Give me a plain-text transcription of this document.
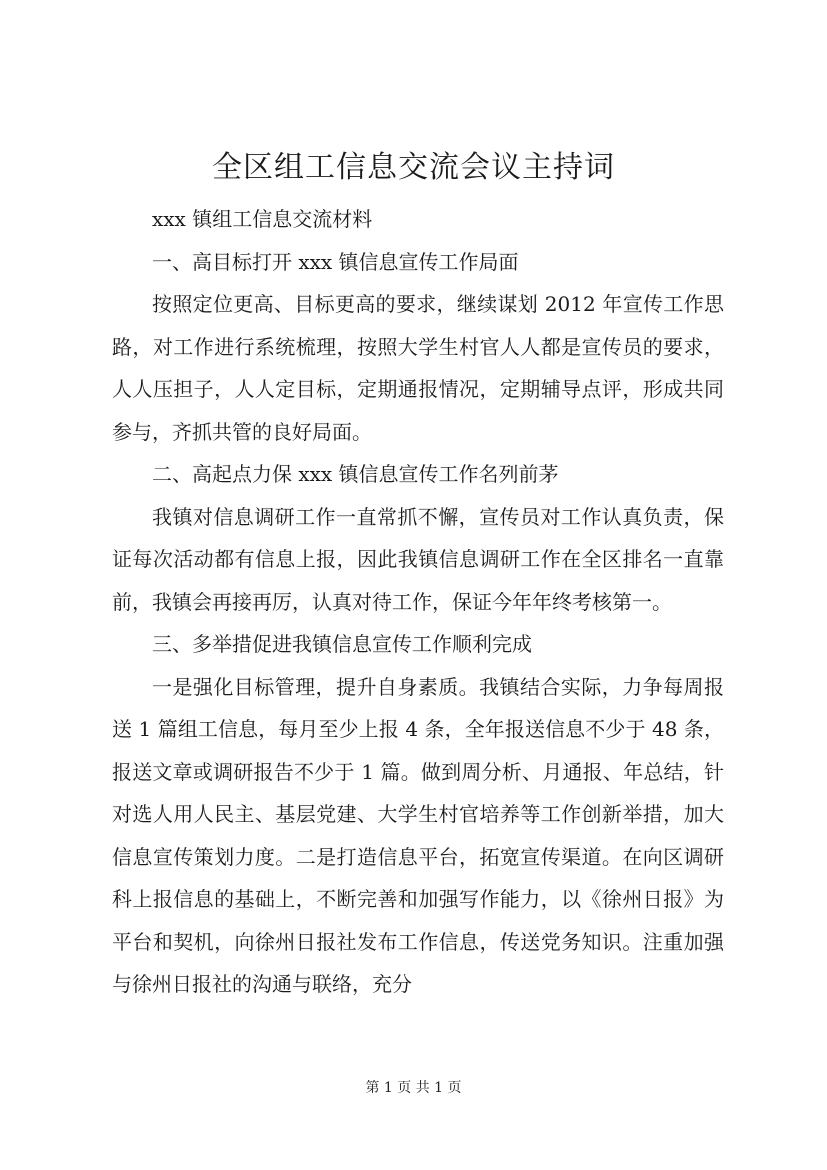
全区组工信息交流会议主持词

xxx 镇组工信息交流材料

一、高目标打开 xxx 镇信息宣传工作局面

按照定位更高、目标更高的要求，继续谋划 2012 年宣传工作思路，对工作进行系统梳理，按照大学生村官人人都是宣传员的要求，人人压担子，人人定目标，定期通报情况，定期辅导点评，形成共同参与，齐抓共管的良好局面。

二、高起点力保 xxx 镇信息宣传工作名列前茅

我镇对信息调研工作一直常抓不懈，宣传员对工作认真负责，保证每次活动都有信息上报，因此我镇信息调研工作在全区排名一直靠前，我镇会再接再厉，认真对待工作，保证今年年终考核第一。

三、多举措促进我镇信息宣传工作顺利完成

一是强化目标管理，提升自身素质。我镇结合实际，力争每周报送 1 篇组工信息，每月至少上报 4 条，全年报送信息不少于 48 条，报送文章或调研报告不少于 1 篇。做到周分析、月通报、年总结，针对选人用人民主、基层党建、大学生村官培养等工作创新举措，加大信息宣传策划力度。二是打造信息平台，拓宽宣传渠道。在向区调研科上报信息的基础上，不断完善和加强写作能力，以《徐州日报》为平台和契机，向徐州日报社发布工作信息，传送党务知识。注重加强与徐州日报社的沟通与联络，充分

第 1 页 共 1 页
